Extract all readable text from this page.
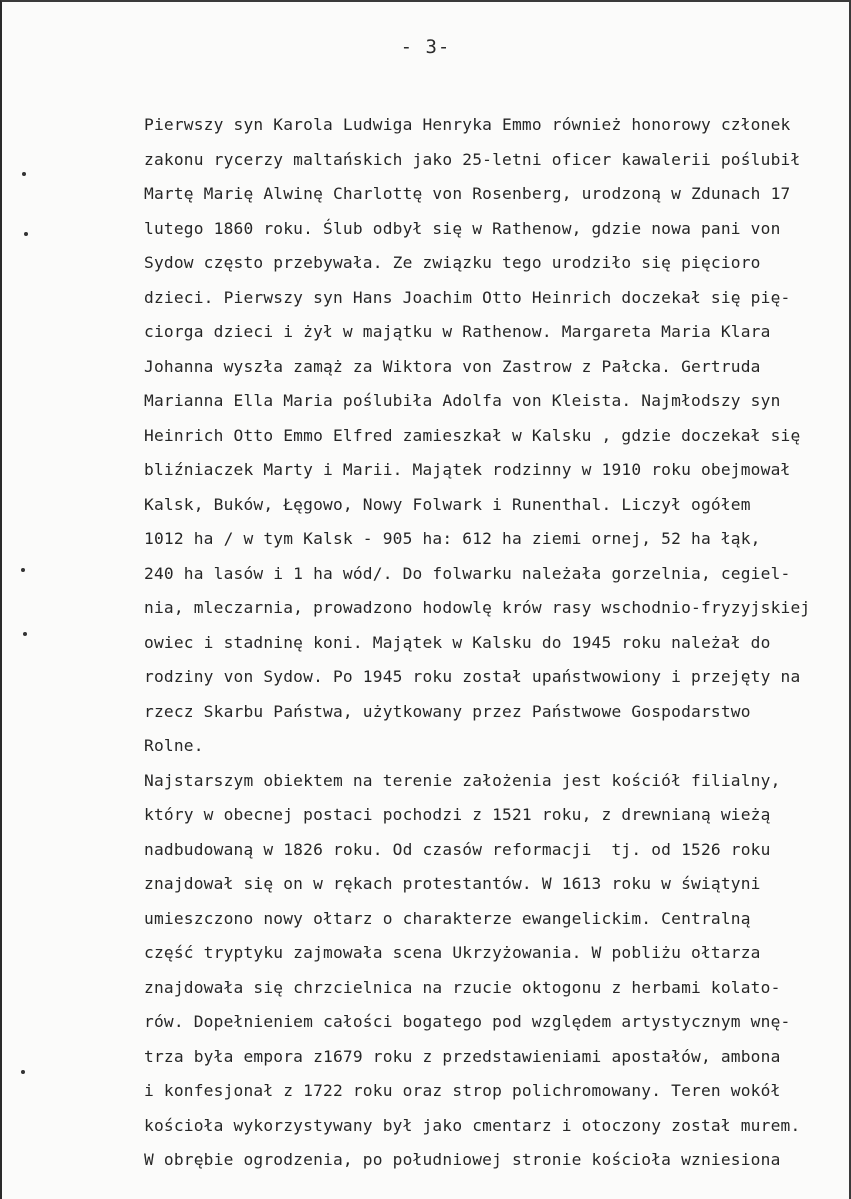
- 3-
Pierwszy syn Karola Ludwiga Henryka Emmo również honorowy członek
zakonu rycerzy maltańskich jako 25-letni oficer kawalerii poślubił
Martę Marię Alwinę Charlottę von Rosenberg, urodzoną w Zdunach 17
lutego 1860 roku. Ślub odbył się w Rathenow, gdzie nowa pani von
Sydow często przebywała. Ze związku tego urodziło się pięcioro
dzieci. Pierwszy syn Hans Joachim Otto Heinrich doczekał się pię-
ciorga dzieci i żył w majątku w Rathenow. Margareta Maria Klara
Johanna wyszła zamąż za Wiktora von Zastrow z Pałcka. Gertruda
Marianna Ella Maria poślubiła Adolfa von Kleista. Najmłodszy syn
Heinrich Otto Emmo Elfred zamieszkał w Kalsku , gdzie doczekał się
bliźniaczek Marty i Marii. Majątek rodzinny w 1910 roku obejmował
Kalsk, Buków, Łęgowo, Nowy Folwark i Runenthal. Liczył ogółem
1012 ha / w tym Kalsk - 905 ha: 612 ha ziemi ornej, 52 ha łąk,
240 ha lasów i 1 ha wód/. Do folwarku należała gorzelnia, cegiel-
nia, mleczarnia, prowadzono hodowlę krów rasy wschodnio-fryzyjskiej
owiec i stadninę koni. Majątek w Kalsku do 1945 roku należał do
rodziny von Sydow. Po 1945 roku został upaństwowiony i przejęty na
rzecz Skarbu Państwa, użytkowany przez Państwowe Gospodarstwo
Rolne.
Najstarszym obiektem na terenie założenia jest kościół filialny,
który w obecnej postaci pochodzi z 1521 roku, z drewnianą wieżą
nadbudowaną w 1826 roku. Od czasów reformacji  tj. od 1526 roku
znajdował się on w rękach protestantów. W 1613 roku w świątyni
umieszczono nowy ołtarz o charakterze ewangelickim. Centralną
część tryptyku zajmowała scena Ukrzyżowania. W pobliżu ołtarza
znajdowała się chrzcielnica na rzucie oktogonu z herbami kolato-
rów. Dopełnieniem całości bogatego pod względem artystycznym wnę-
trza była empora z1679 roku z przedstawieniami apostałów, ambona
i konfesjonał z 1722 roku oraz strop polichromowany. Teren wokół
kościoła wykorzystywany był jako cmentarz i otoczony został murem.
W obrębie ogrodzenia, po południowej stronie kościoła wzniesiona
